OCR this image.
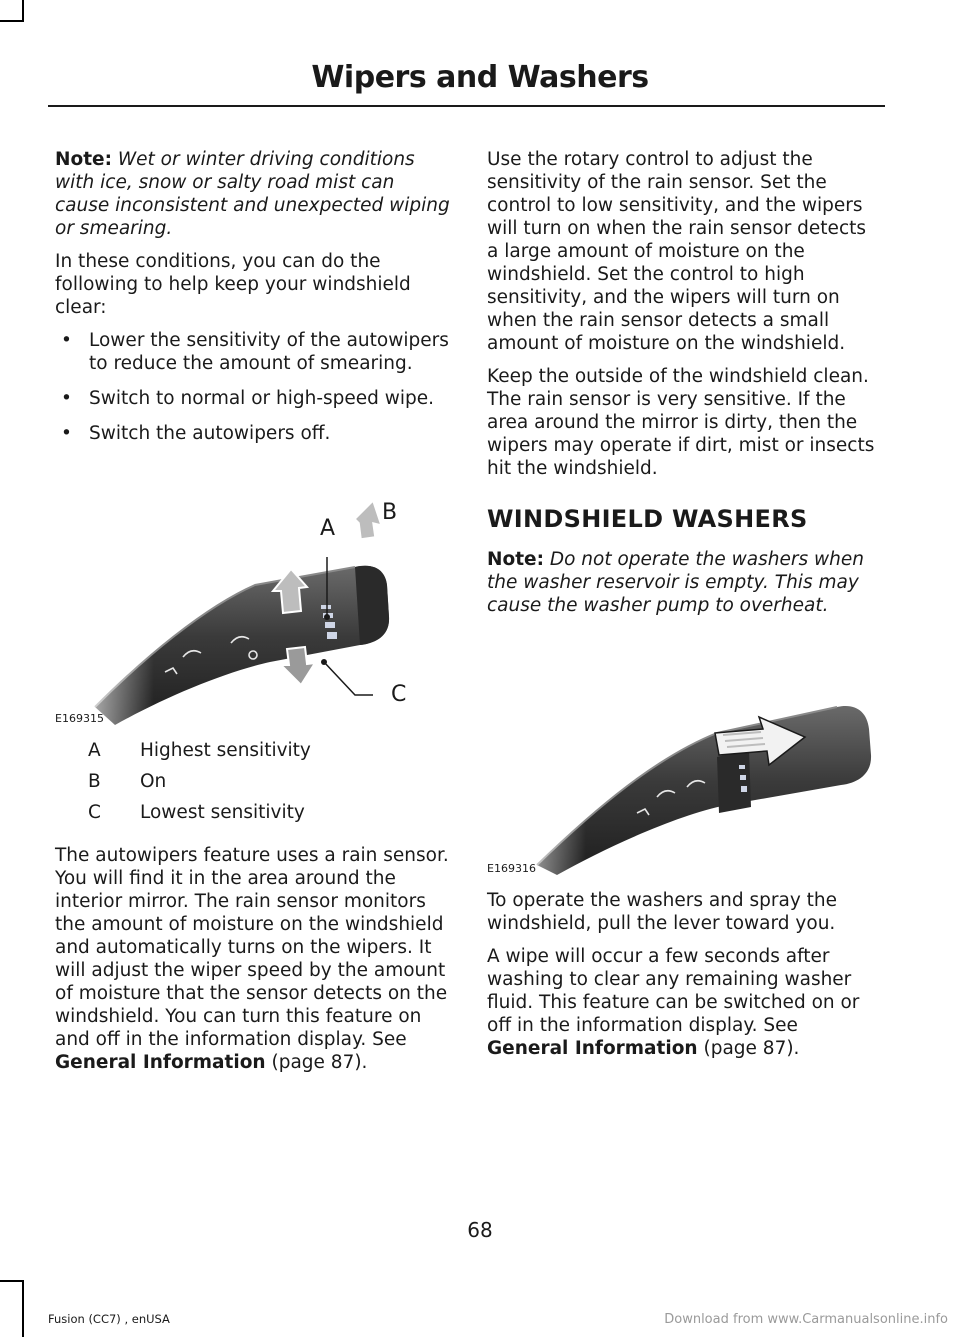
Wipers and Washers

Note: Wet or winter driving conditions with ice, snow or salty road mist can cause inconsistent and unexpected wiping or smearing.

In these conditions, you can do the following to help keep your windshield clear:

• Lower the sensitivity of the autowipers to reduce the amount of smearing.
• Switch to normal or high-speed wipe.
• Switch the autowipers off.
A
B
C
E169315
A	Highest sensitivity
B	On
C	Lowest sensitivity

The autowipers feature uses a rain sensor. You will find it in the area around the interior mirror. The rain sensor monitors the amount of moisture on the windshield and automatically turns on the wipers. It will adjust the wiper speed by the amount of moisture that the sensor detects on the windshield. You can turn this feature on and off in the information display. See General Information (page 87).

Use the rotary control to adjust the sensitivity of the rain sensor. Set the control to low sensitivity, and the wipers will turn on when the rain sensor detects a large amount of moisture on the windshield. Set the control to high sensitivity, and the wipers will turn on when the rain sensor detects a small amount of moisture on the windshield.

Keep the outside of the windshield clean. The rain sensor is very sensitive. If the area around the mirror is dirty, then the wipers may operate if dirt, mist or insects hit the windshield.

WINDSHIELD WASHERS

Note: Do not operate the washers when the washer reservoir is empty. This may cause the washer pump to overheat.

E169316

To operate the washers and spray the windshield, pull the lever toward you.

A wipe will occur a few seconds after washing to clear any remaining washer fluid. This feature can be switched on or off in the information display. See General Information (page 87).

68
Fusion (CC7) , enUSA	Download from www.Carmanualsonline.info
